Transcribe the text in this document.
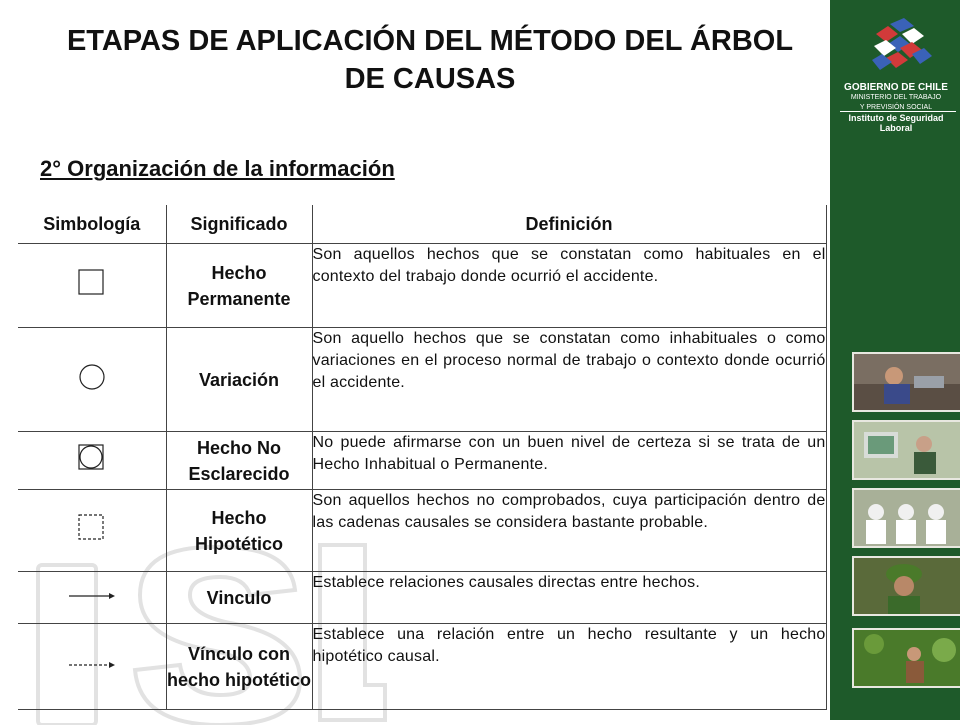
ETAPAS DE APLICACIÓN DEL MÉTODO DEL ÁRBOL DE CAUSAS
2° Organización de la información
Simbología	Significado	Definición
	Hecho Permanente	Son aquellos hechos que se constatan como habituales en el contexto del trabajo donde ocurrió el accidente.
	Variación	Son aquello hechos que se constatan como inhabituales o como variaciones en el proceso normal de trabajo o contexto donde ocurrió el accidente.
	Hecho No Esclarecido	No puede afirmarse con un buen nivel de certeza si se trata de un Hecho Inhabitual o Permanente.
	Hecho Hipotético	Son aquellos hechos no comprobados, cuya participación dentro de las cadenas causales se considera bastante probable.
	Vinculo	Establece relaciones causales directas entre hechos.
	Vínculo con hecho hipotético	Establece una relación entre un hecho resultante y un hecho hipotético causal.
GOBIERNO DE CHILE
MINISTERIO DEL TRABAJO
Y PREVISIÓN SOCIAL
Instituto de Seguridad
Laboral
